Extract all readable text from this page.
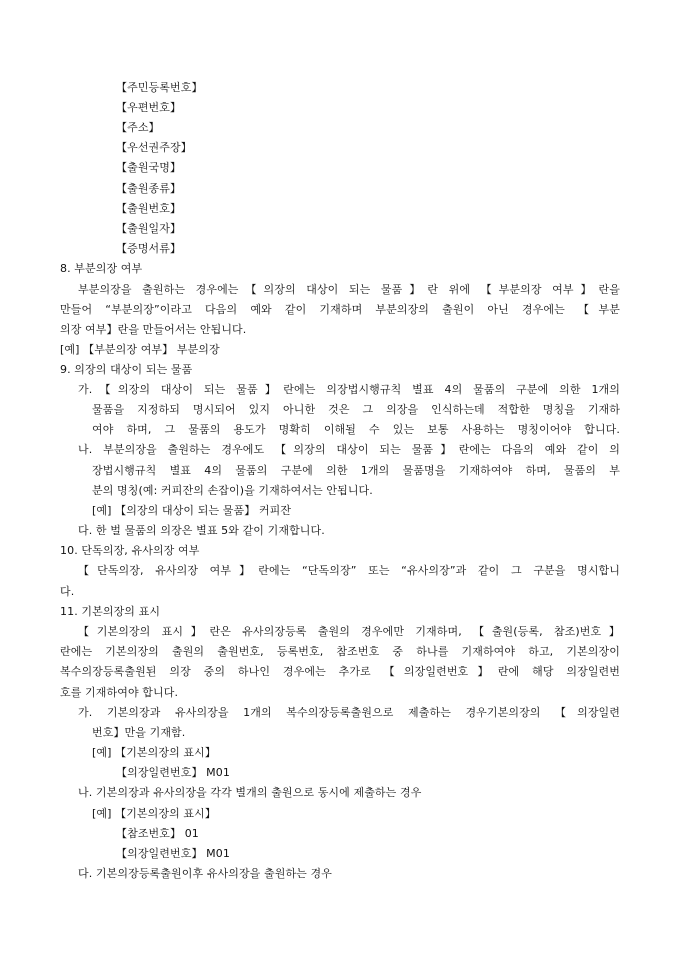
【주민등록번호】
【우편번호】
【주소】
【우선권주장】
【출원국명】
【출원종류】
【출원번호】
【출원일자】
【증명서류】
8. 부분의장 여부
부분의장을 출원하는 경우에는【의장의 대상이 되는 물품】란 위에 【부분의장 여부】란을
만들어 “부분의장”이라고 다음의 예와 같이 기재하며 부분의장의 출원이 아닌 경우에는 【부분
의장 여부】란을 만들어서는 안됩니다.
[예] 【부분의장 여부】 부분의장
9. 의장의 대상이 되는 물품
가.【의장의 대상이 되는 물품】란에는 의장법시행규칙 별표 4의 물품의 구분에 의한 1개의
물품을 지정하되 명시되어 있지 아니한 것은 그 의장을 인식하는데 적합한 명칭을 기재하
여야 하며, 그 물품의 용도가 명확히 이해될 수 있는 보통 사용하는 명칭이어야 합니다.
나. 부분의장을 출원하는 경우에도 【의장의 대상이 되는 물품】란에는 다음의 예와 같이 의
장법시행규칙 별표 4의 물품의 구분에 의한 1개의 물품명을 기재하여야 하며, 물품의 부
분의 명칭(예: 커피잔의 손잡이)을 기재하여서는 안됩니다.
[예] 【의장의 대상이 되는 물품】 커피잔
다. 한 벌 물품의 의장은 별표 5와 같이 기재합니다.
10. 단독의장, 유사의장 여부
【단독의장, 유사의장 여부】란에는 “단독의장” 또는 “유사의장”과 같이 그 구분을 명시합니
다.
11. 기본의장의 표시
【기본의장의 표시】란은 유사의장등록 출원의 경우에만 기재하며, 【출원(등록, 참조)번호】
란에는 기본의장의 출원의 출원번호, 등록번호, 참조번호 중 하나를 기재하여야 하고, 기본의장이
복수의장등록출원된 의장 중의 하나인 경우에는 추가로 【의장일련번호】란에 해당 의장일련번
호를 기재하여야 합니다.
가. 기본의장과 유사의장을 1개의 복수의장등록출원으로 제출하는 경우기본의장의 【의장일련
번호】만을 기재함.
[예] 【기본의장의 표시】
【의장일련번호】 M01
나. 기본의장과 유사의장을 각각 별개의 출원으로 동시에 제출하는 경우
[예] 【기본의장의 표시】
【참조번호】 01
【의장일련번호】 M01
다. 기본의장등록출원이후 유사의장을 출원하는 경우
